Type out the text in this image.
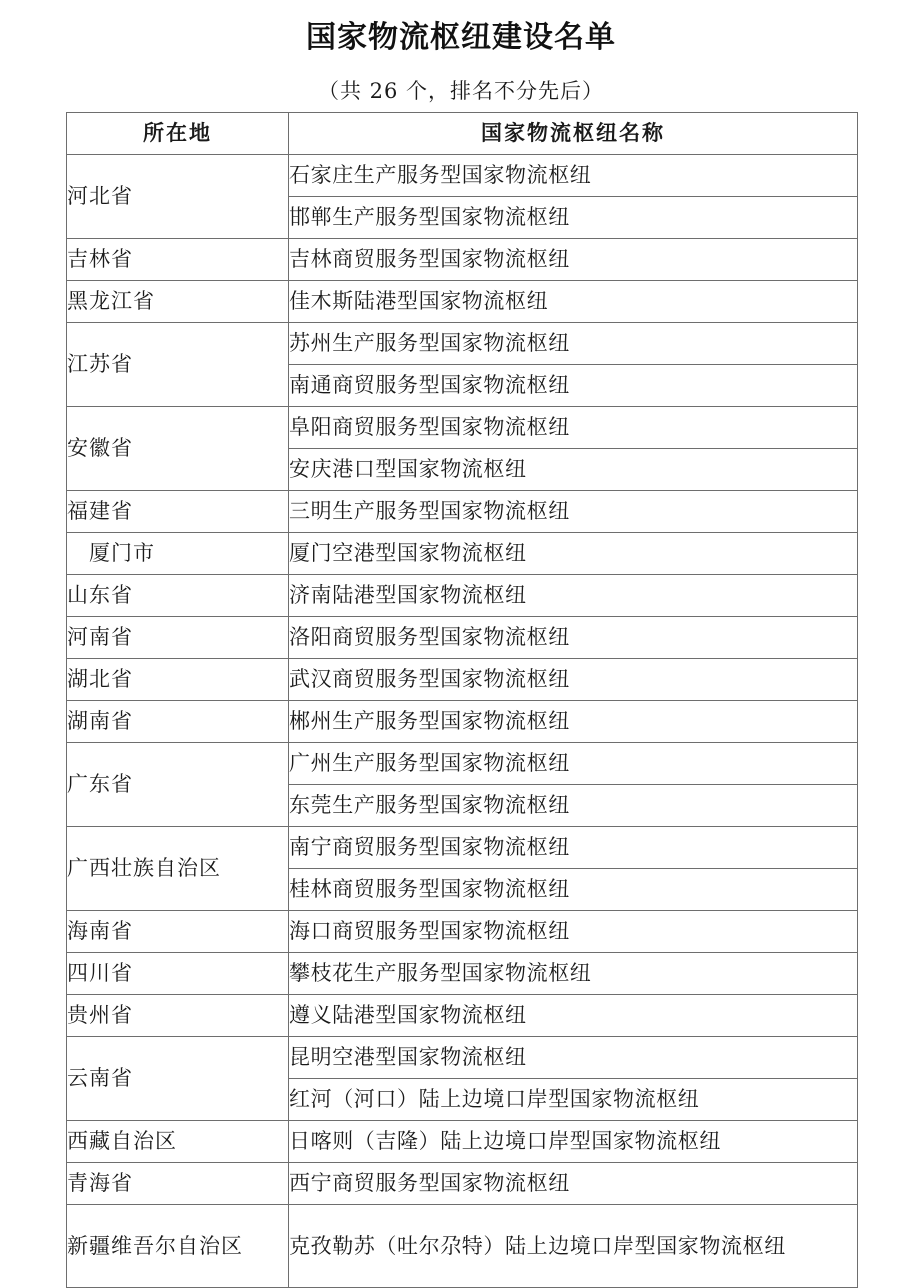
国家物流枢纽建设名单

（共 26 个，排名不分先后）

所在地	国家物流枢纽名称
河北省	石家庄生产服务型国家物流枢纽
	邯郸生产服务型国家物流枢纽
吉林省	吉林商贸服务型国家物流枢纽
黑龙江省	佳木斯陆港型国家物流枢纽
江苏省	苏州生产服务型国家物流枢纽
	南通商贸服务型国家物流枢纽
安徽省	阜阳商贸服务型国家物流枢纽
	安庆港口型国家物流枢纽
福建省	三明生产服务型国家物流枢纽
　厦门市	厦门空港型国家物流枢纽
山东省	济南陆港型国家物流枢纽
河南省	洛阳商贸服务型国家物流枢纽
湖北省	武汉商贸服务型国家物流枢纽
湖南省	郴州生产服务型国家物流枢纽
广东省	广州生产服务型国家物流枢纽
	东莞生产服务型国家物流枢纽
广西壮族自治区	南宁商贸服务型国家物流枢纽
	桂林商贸服务型国家物流枢纽
海南省	海口商贸服务型国家物流枢纽
四川省	攀枝花生产服务型国家物流枢纽
贵州省	遵义陆港型国家物流枢纽
云南省	昆明空港型国家物流枢纽
	红河（河口）陆上边境口岸型国家物流枢纽
西藏自治区	日喀则（吉隆）陆上边境口岸型国家物流枢纽
青海省	西宁商贸服务型国家物流枢纽
新疆维吾尔自治区	克孜勒苏（吐尔尕特）陆上边境口岸型国家物流枢纽
